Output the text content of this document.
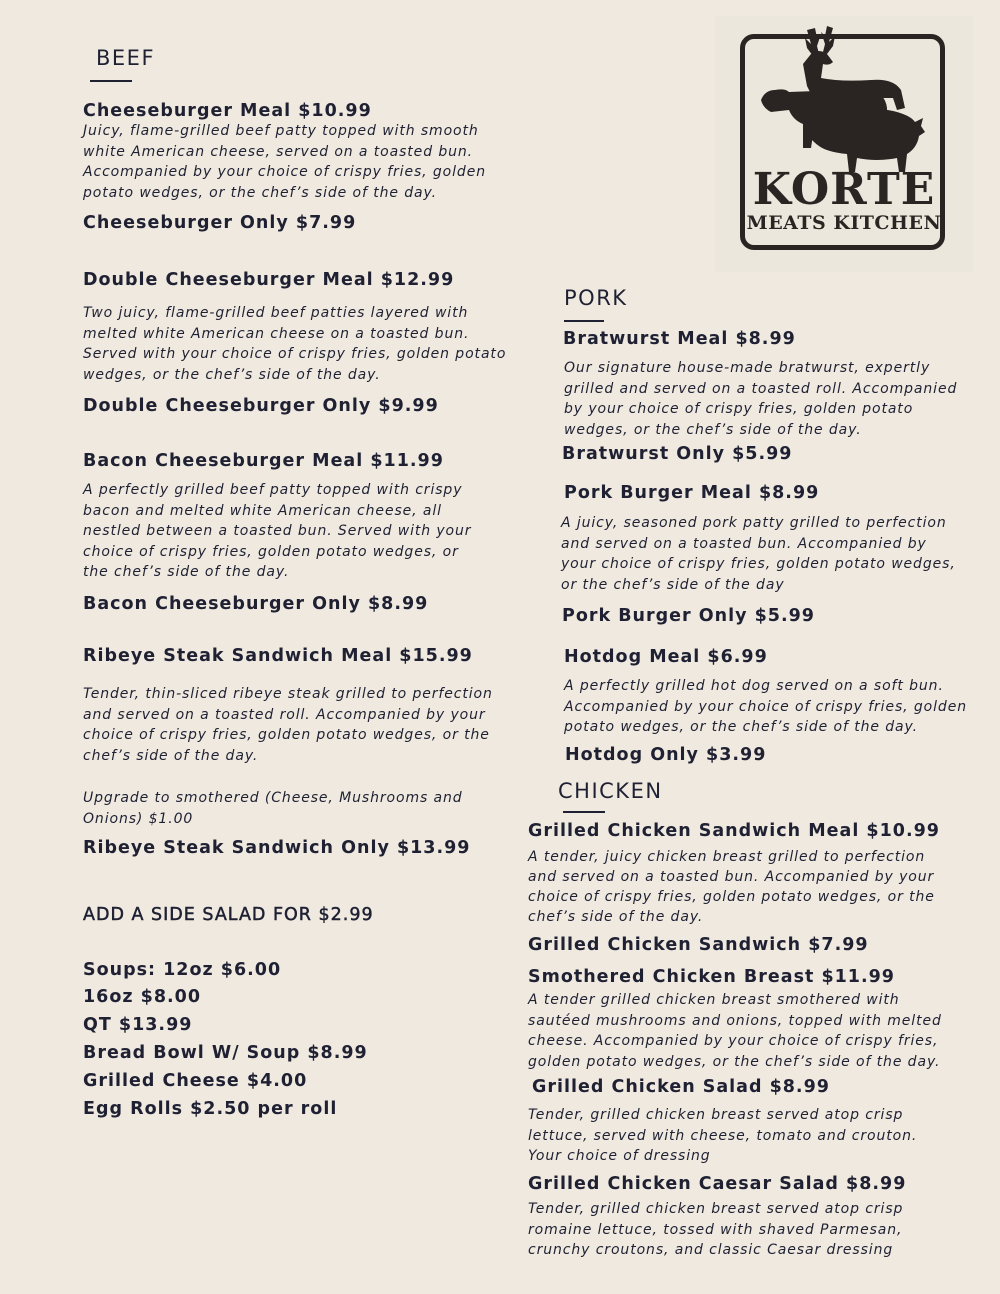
KORTE
MEATS KITCHEN
BEEF
Cheeseburger Meal $10.99
Juicy, flame-grilled beef patty topped with smooth
white American cheese, served on a toasted bun.
Accompanied by your choice of crispy fries, golden
potato wedges, or the chef’s side of the day.
Cheeseburger Only $7.99
Double Cheeseburger Meal $12.99
Two juicy, flame-grilled beef patties layered with
melted white American cheese on a toasted bun.
Served with your choice of crispy fries, golden potato
wedges, or the chef’s side of the day.
Double Cheeseburger Only $9.99
Bacon Cheeseburger Meal $11.99
A perfectly grilled beef patty topped with crispy
bacon and melted white American cheese, all
nestled between a toasted bun. Served with your
choice of crispy fries, golden potato wedges, or
the chef’s side of the day.
Bacon Cheeseburger Only $8.99
Ribeye Steak Sandwich Meal $15.99
Tender, thin-sliced ribeye steak grilled to perfection
and served on a toasted roll. Accompanied by your
choice of crispy fries, golden potato wedges, or the
chef’s side of the day.
Upgrade to smothered (Cheese, Mushrooms and
Onions) $1.00
Ribeye Steak Sandwich Only $13.99
ADD A SIDE SALAD FOR $2.99
Soups: 12oz $6.00
16oz $8.00
QT $13.99
Bread Bowl W/ Soup $8.99
Grilled Cheese $4.00
Egg Rolls $2.50 per roll
PORK
Bratwurst Meal $8.99
Our signature house-made bratwurst, expertly
grilled and served on a toasted roll. Accompanied
by your choice of crispy fries, golden potato
wedges, or the chef’s side of the day.
Bratwurst Only $5.99
Pork Burger Meal $8.99
A juicy, seasoned pork patty grilled to perfection
and served on a toasted bun. Accompanied by
your choice of crispy fries, golden potato wedges,
or the chef’s side of the day
Pork Burger Only $5.99
Hotdog Meal $6.99
A perfectly grilled hot dog served on a soft bun.
Accompanied by your choice of crispy fries, golden
potato wedges, or the chef’s side of the day.
Hotdog Only $3.99
CHICKEN
Grilled Chicken Sandwich Meal $10.99
A tender, juicy chicken breast grilled to perfection
and served on a toasted bun. Accompanied by your
choice of crispy fries, golden potato wedges, or the
chef’s side of the day.
Grilled Chicken Sandwich $7.99
Smothered Chicken Breast $11.99
A tender grilled chicken breast smothered with
sautéed mushrooms and onions, topped with melted
cheese. Accompanied by your choice of crispy fries,
golden potato wedges, or the chef’s side of the day.
Grilled Chicken Salad $8.99
Tender, grilled chicken breast served atop crisp
lettuce, served with cheese, tomato and crouton.
Your choice of dressing
Grilled Chicken Caesar Salad $8.99
Tender, grilled chicken breast served atop crisp
romaine lettuce, tossed with shaved Parmesan,
crunchy croutons, and classic Caesar dressing
